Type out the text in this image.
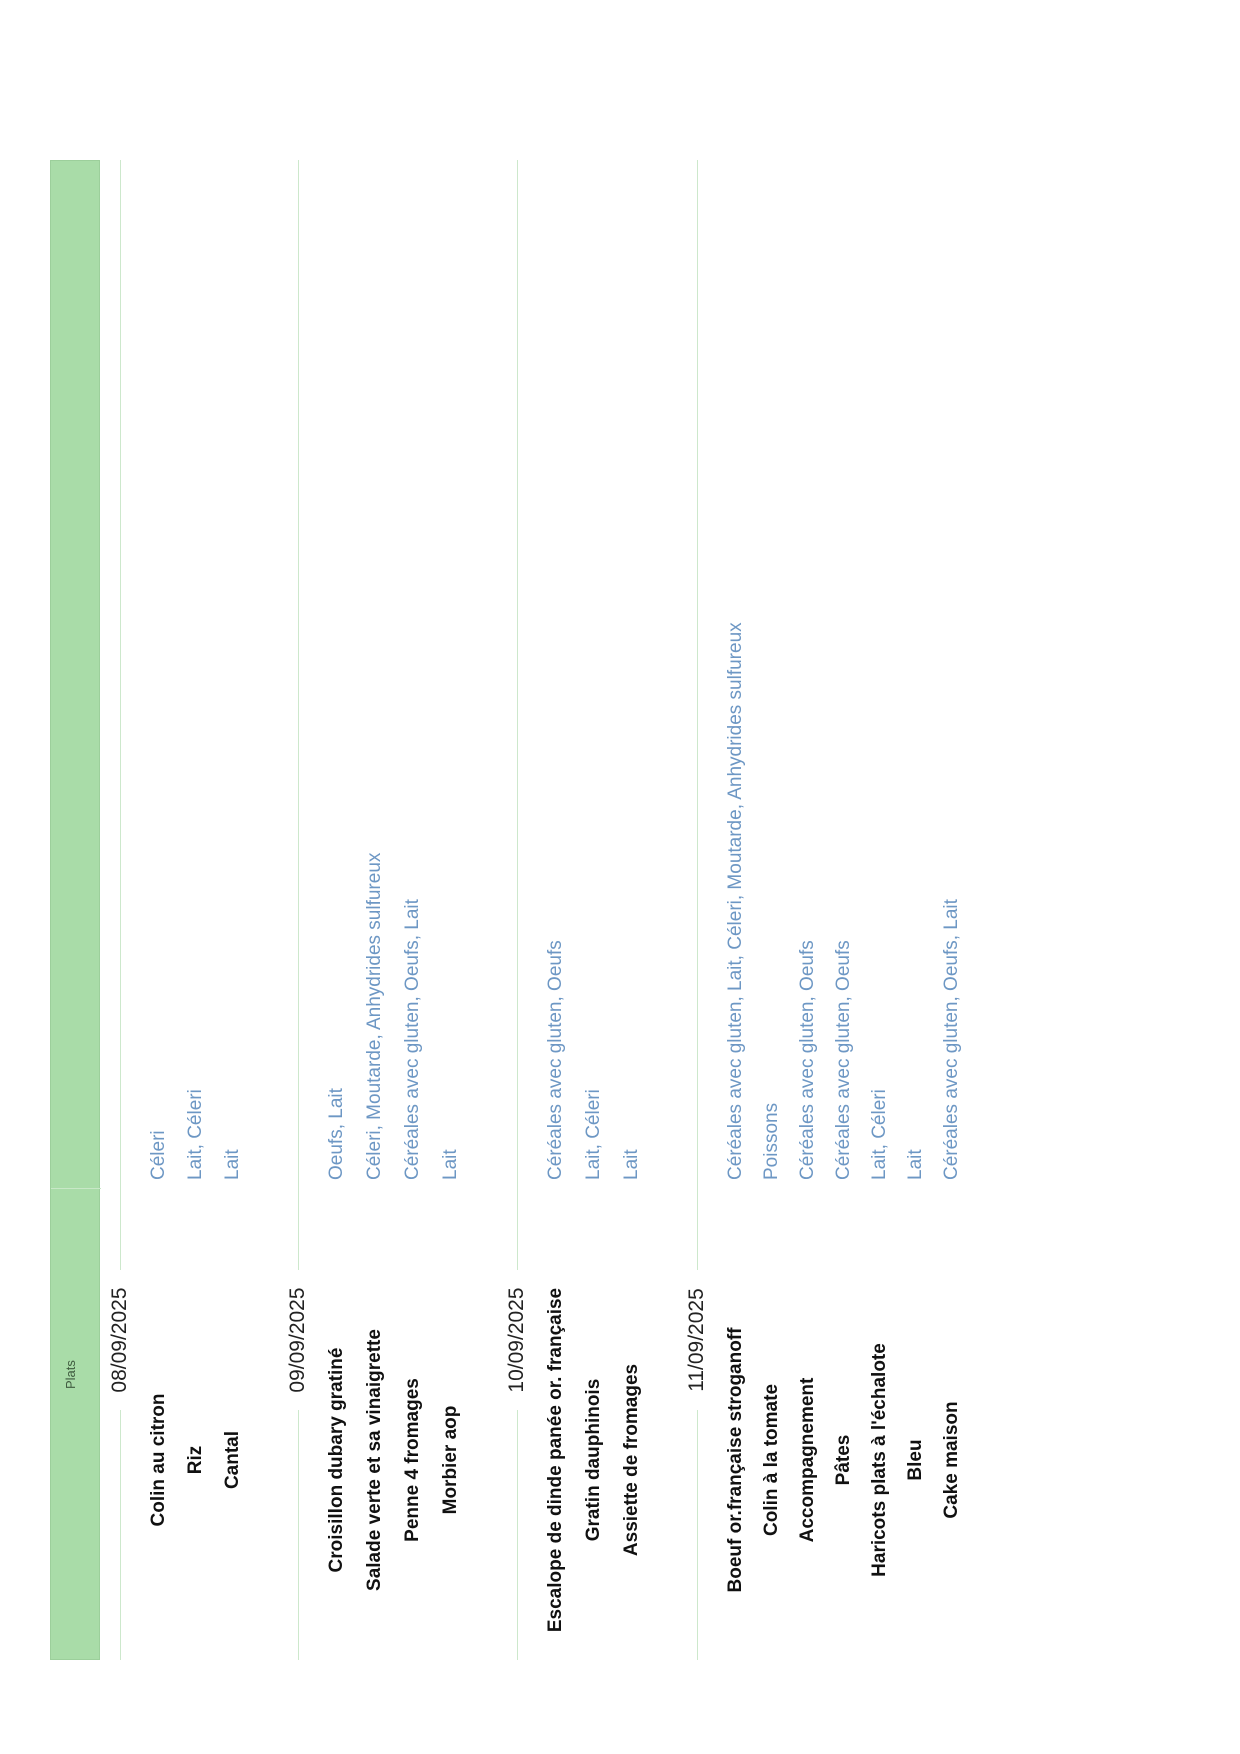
Plats 08/09/2025
Colin au citron
Céleri
Riz
Lait, Céleri
Cantal
Lait
09/09/2025
Croisillon dubary gratiné
Oeufs, Lait
Salade verte et sa vinaigrette
Céleri, Moutarde, Anhydrides sulfureux
Penne 4 fromages
Céréales avec gluten, Oeufs, Lait
Morbier aop
Lait
10/09/2025 Escalope de dinde panée or. française
Céréales avec gluten, Oeufs
Gratin dauphinois
Lait, Céleri
Assiette de fromages
Lait
11/09/2025 Boeuf or.française stroganoff
Céréales avec gluten, Lait, Céleri, Moutarde, Anhydrides sulfureux
Colin à la tomate
Poissons
Accompagnement
Céréales avec gluten, Oeufs
Pâtes
Céréales avec gluten, Oeufs
Haricots plats à l'échalote
Lait, Céleri
Bleu
Lait
Cake maison
Céréales avec gluten, Oeufs, Lait
